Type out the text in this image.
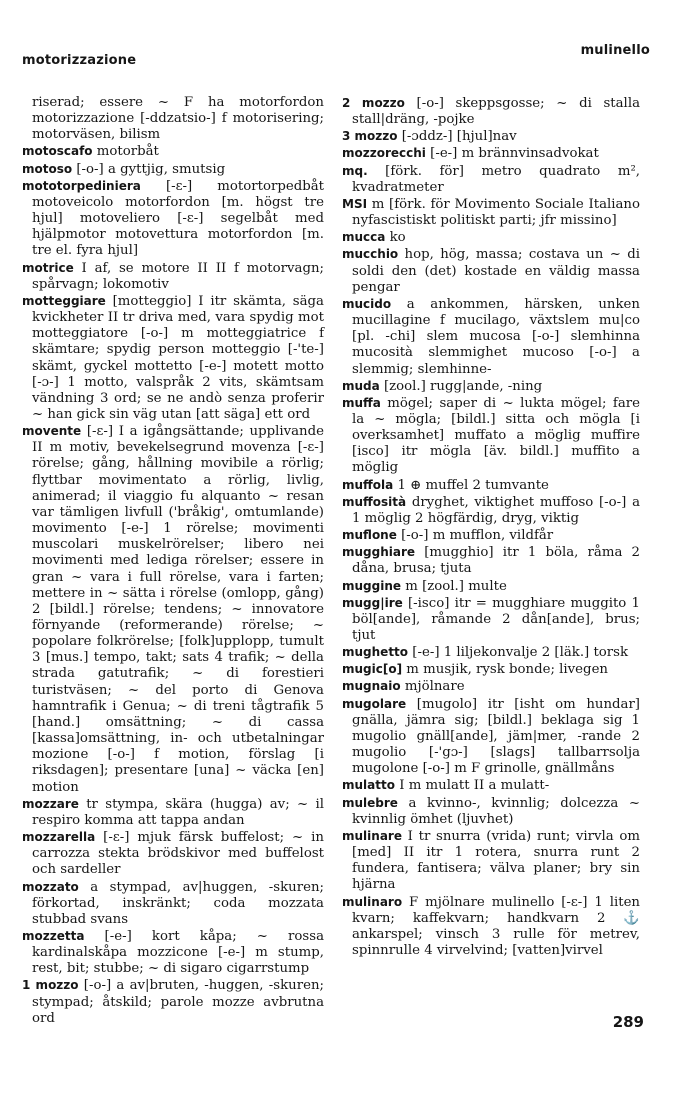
motorizzazione
mulinello

riserad; essere ~ F ha motorfordon motorizzazione [-ddzatsio-] f motorisering; motorväsen, bilism

motoscafo motorbåt

motoso [-o-] a gyttjig, smutsig

mototorpediniera [-ɛ-] motortorpedbåt motoveicolo motorfordon [m. högst tre hjul] motoveliero [-ɛ-] segelbåt med hjälpmotor motovettura motorfordon [m. tre el. fyra hjul]

motrice I af, se motore II II f motorvagn; spårvagn; lokomotiv

motteggiare [motteggio] I itr skämta, säga kvickheter II tr driva med, vara spydig mot motteggiatore [-o-] m motteggiatrice f skämtare; spydig person motteggio [-'te-] skämt, gyckel mottetto [-e-] motett motto [-ɔ-] 1 motto, valspråk 2 vits, skämtsam vändning 3 ord; se ne andò senza proferir ~ han gick sin väg utan [att säga] ett ord

movente [-ɛ-] I a igångsättande; upplivande II m motiv, bevekelsegrund movenza [-ɛ-] rörelse; gång, hållning movibile a rörlig; flyttbar movimentato a rörlig, livlig, animerad; il viaggio fu alquanto ~ resan var tämligen livfull ('bråkig', omtumlande) movimento [-e-] 1 rörelse; movimenti muscolari muskelrörelser; libero nei movimenti med lediga rörelser; essere in gran ~ vara i full rörelse, vara i farten; mettere in ~ sätta i rörelse (omlopp, gång) 2 [bildl.] rörelse; tendens; ~ innovatore förnyande (reformerande) rörelse; ~ popolare folkrörelse; [folk]upplopp, tumult 3 [mus.] tempo, takt; sats 4 trafik; ~ della strada gatutrafik; ~ di forestieri turistväsen; ~ del porto di Genova hamntrafik i Genua; ~ di treni tågtrafik 5 [hand.] omsättning; ~ di cassa [kassa]omsättning, in- och utbetalningar mozione [-o-] f motion, förslag [i riksdagen]; presentare [una] ~ väcka [en] motion

mozzare tr stympa, skära (hugga) av; ~ il respiro komma att tappa andan

mozzarella [-ɛ-] mjuk färsk buffelost; ~ in carrozza stekta brödskivor med buffelost och sardeller

mozzato a stympad, av|huggen, -skuren; förkortad, inskränkt; coda mozzata stubbad svans

mozzetta [-e-] kort kåpa; ~ rossa kardinalskåpa mozzicone [-e-] m stump, rest, bit; stubbe; ~ di sigaro cigarrstump

1 mozzo [-o-] a av|bruten, -huggen, -skuren; stympad; åtskild; parole mozze avbrutna ord

2 mozzo [-o-] skeppsgosse; ~ di stalla stall|dräng, -pojke

3 mozzo [-ɔddz-] [hjul]nav

mozzorecchi [-e-] m brännvinsadvokat

mq. [förk. för] metro quadrato m², kvadratmeter

MSI m [förk. för Movimento Sociale Italiano nyfascistiskt politiskt parti; jfr missino]

mucca ko

mucchio hop, hög, massa; costava un ~ di soldi den (det) kostade en väldig massa pengar

mucido a ankommen, härsken, unken mucillagine f mucilago, växtslem mu|co [pl. -chi] slem mucosa [-o-] slemhinna mucosità slemmighet mucoso [-o-] a slemmig; slemhinne-

muda [zool.] rugg|ande, -ning

muffa mögel; saper di ~ lukta mögel; fare la ~ mögla; [bildl.] sitta och mögla [i overksamhet] muffato a möglig muffire [isco] itr mögla [äv. bildl.] muffito a möglig

muffola 1 ⊕ muffel 2 tumvante

muffosità dryghet, viktighet muffoso [-o-] a 1 möglig 2 högfärdig, dryg, viktig

muflone [-o-] m mufflon, vildfår

mugghiare [mugghio] itr 1 böla, råma 2 dåna, brusa; tjuta

muggine m [zool.] multe

mugg|ire [-isco] itr = mugghiare muggito 1 böl[ande], råmande 2 dån[ande], brus; tjut

mughetto [-e-] 1 liljekonvalje 2 [läk.] torsk

mugic[o] m musjik, rysk bonde; livegen

mugnaio mjölnare

mugolare [mugolo] itr [isht om hundar] gnälla, jämra sig; [bildl.] beklaga sig 1 mugolio gnäll[ande], jäm|mer, -rande 2 mugolio [-'gɔ-] [slags] tallbarrsolja mugolone [-o-] m F grinolle, gnällmåns

mulatto I m mulatt II a mulatt-

mulebre a kvinno-, kvinnlig; dolcezza ~ kvinnlig ömhet (ljuvhet)

mulinare I tr snurra (vrida) runt; virvla om [med] II itr 1 rotera, snurra runt 2 fundera, fantisera; välva planer; bry sin hjärna

mulinaro F mjölnare mulinello [-ɛ-] 1 liten kvarn; kaffekvarn; handkvarn 2 ⚓ ankarspel; vinsch 3 rulle för metrev, spinnrulle 4 virvelvind; [vatten]virvel

289
